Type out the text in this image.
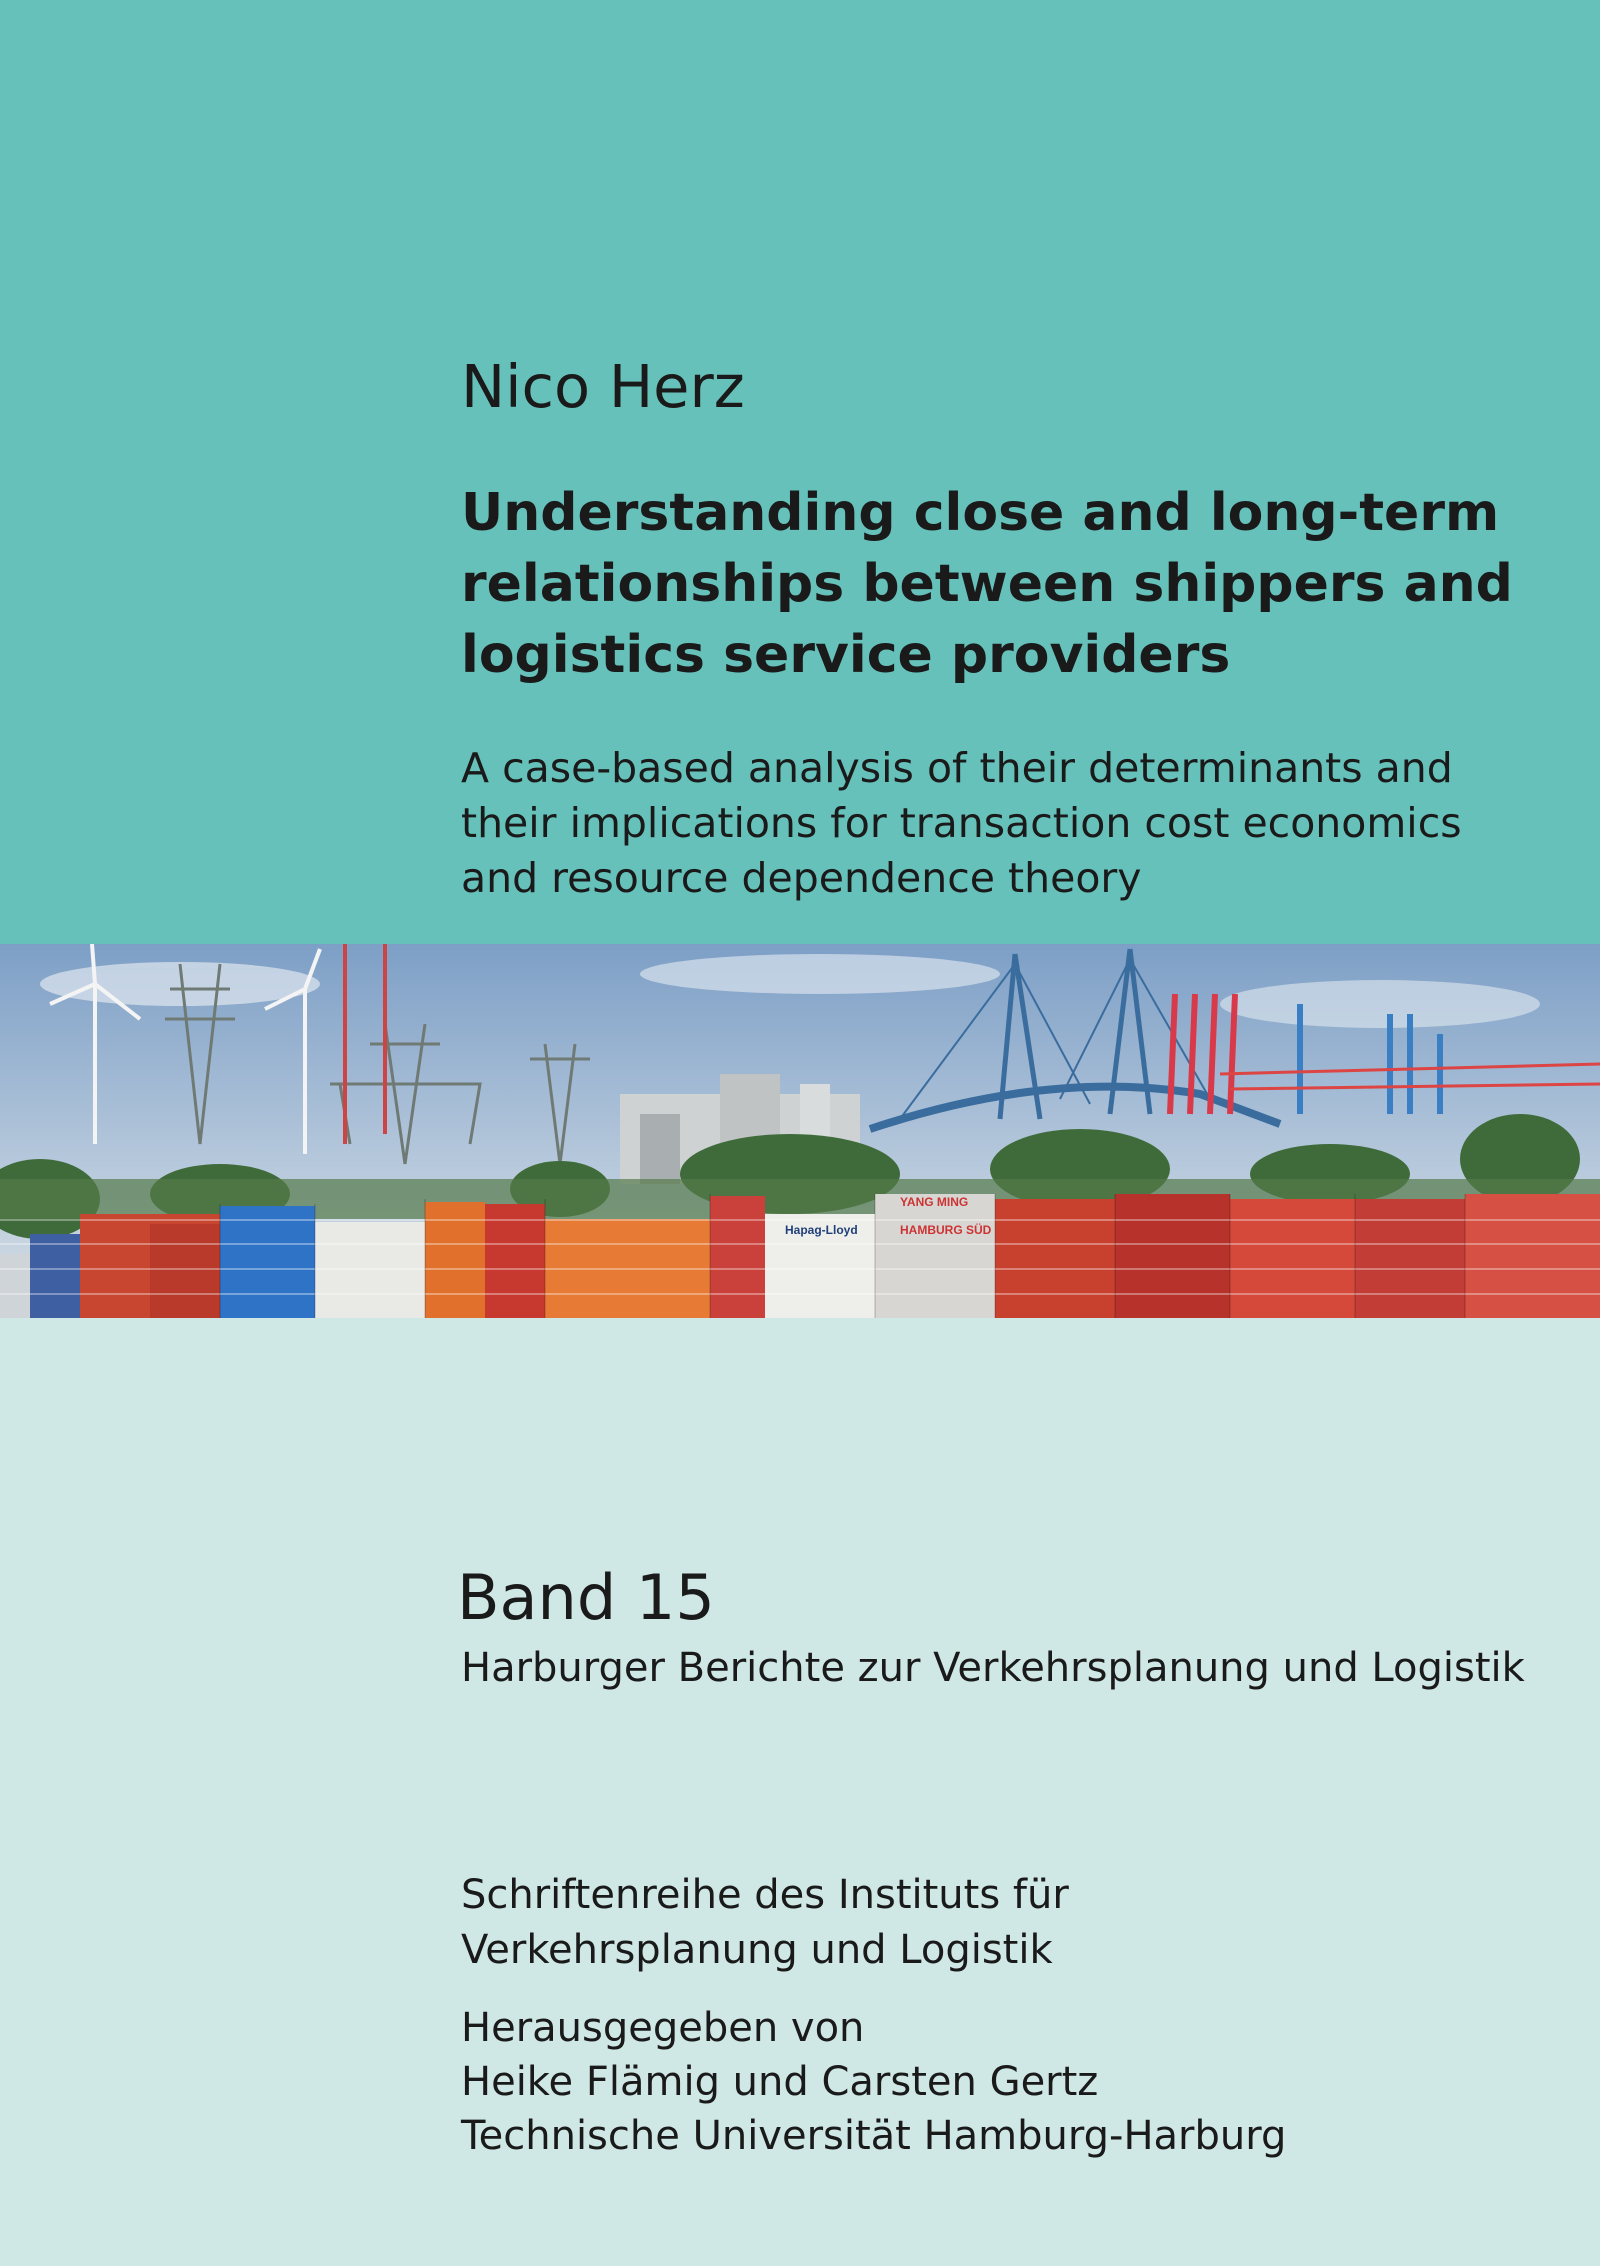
Nico Herz
Understanding close and long-term
relationships between shippers and
logistics service providers

A case-based analysis of their determinants and
their implications for transaction cost economics
and resource dependence theory

Hapag-Lloyd
YANG MING
HAMBURG SÜD
Band 15
Harburger Berichte zur Verkehrsplanung und Logistik
Schriftenreihe des Instituts für
Verkehrsplanung und Logistik
Herausgegeben von
Heike Flämig und Carsten Gertz
Technische Universität Hamburg-Harburg
